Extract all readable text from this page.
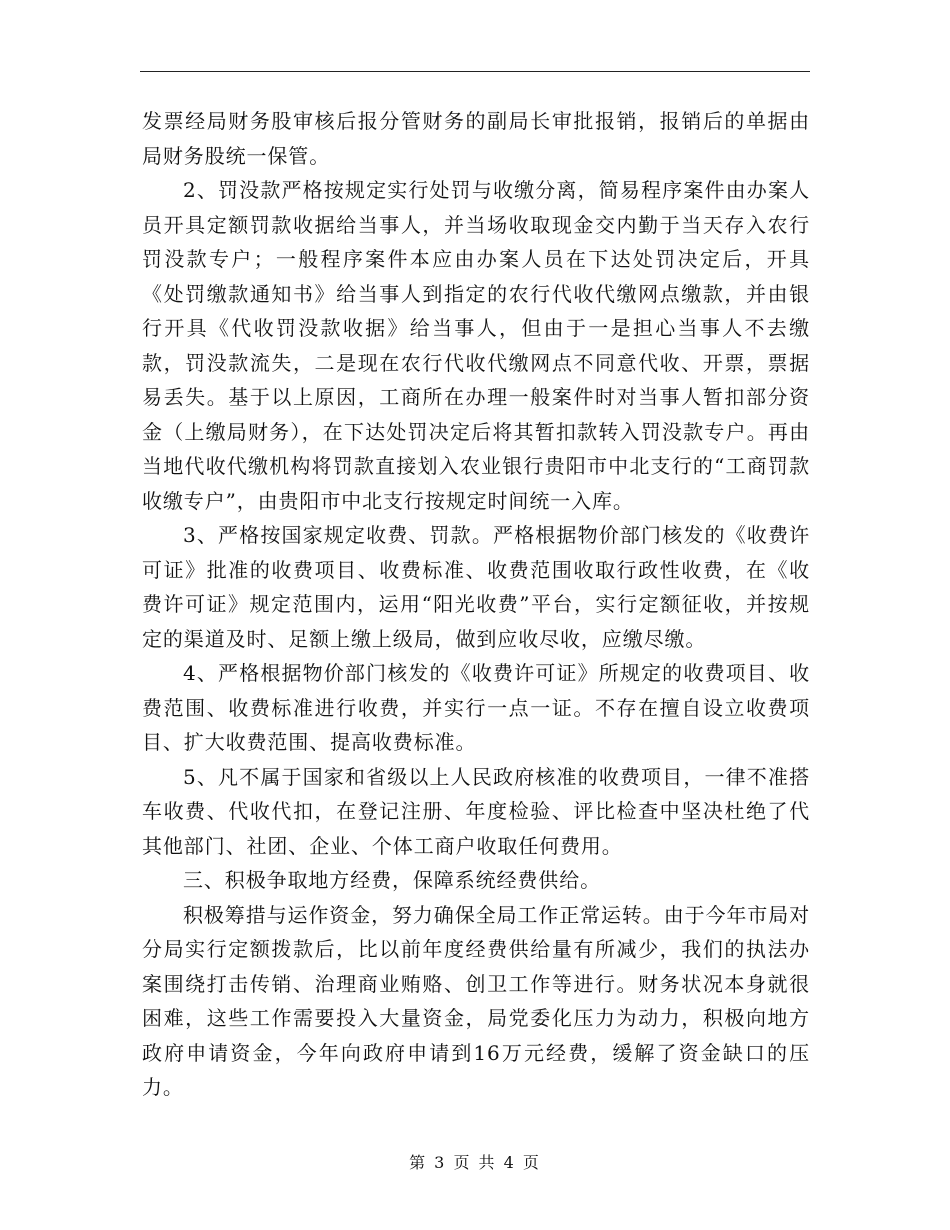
发票经局财务股审核后报分管财务的副局长审批报销，报销后的单据由局财务股统一保管。

2、罚没款严格按规定实行处罚与收缴分离，简易程序案件由办案人员开具定额罚款收据给当事人，并当场收取现金交内勤于当天存入农行罚没款专户；一般程序案件本应由办案人员在下达处罚决定后，开具《处罚缴款通知书》给当事人到指定的农行代收代缴网点缴款，并由银行开具《代收罚没款收据》给当事人，但由于一是担心当事人不去缴款，罚没款流失，二是现在农行代收代缴网点不同意代收、开票，票据易丢失。基于以上原因，工商所在办理一般案件时对当事人暂扣部分资金（上缴局财务），在下达处罚决定后将其暂扣款转入罚没款专户。再由当地代收代缴机构将罚款直接划入农业银行贵阳市中北支行的“工商罚款收缴专户”，由贵阳市中北支行按规定时间统一入库。

3、严格按国家规定收费、罚款。严格根据物价部门核发的《收费许可证》批准的收费项目、收费标准、收费范围收取行政性收费，在《收费许可证》规定范围内，运用“阳光收费”平台，实行定额征收，并按规定的渠道及时、足额上缴上级局，做到应收尽收，应缴尽缴。

4、严格根据物价部门核发的《收费许可证》所规定的收费项目、收费范围、收费标准进行收费，并实行一点一证。不存在擅自设立收费项目、扩大收费范围、提高收费标准。

5、凡不属于国家和省级以上人民政府核准的收费项目，一律不准搭车收费、代收代扣，在登记注册、年度检验、评比检查中坚决杜绝了代其他部门、社团、企业、个体工商户收取任何费用。

三、积极争取地方经费，保障系统经费供给。

积极筹措与运作资金，努力确保全局工作正常运转。由于今年市局对分局实行定额拨款后，比以前年度经费供给量有所减少，我们的执法办案围绕打击传销、治理商业贿赂、创卫工作等进行。财务状况本身就很困难，这些工作需要投入大量资金，局党委化压力为动力，积极向地方政府申请资金，今年向政府申请到16万元经费，缓解了资金缺口的压力。

第 3 页 共 4 页
